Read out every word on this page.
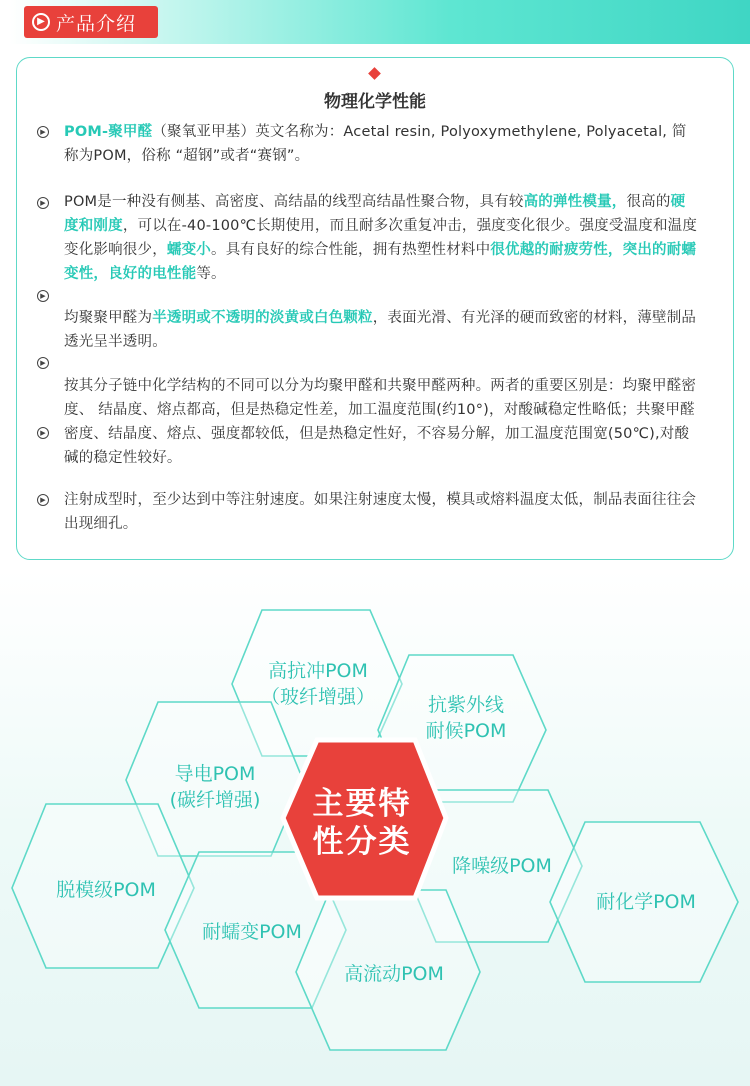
▶ 产品介绍
物理化学性能
▶
▶
▶
▶
▶
▶
POM-聚甲醛（聚氧亚甲基）英文名称为：Acetal resin, Polyoxymethylene, Polyacetal, 简称为POM，俗称 “超钢”或者“赛钢”。
POM是一种没有侧基、高密度、高结晶的线型高结晶性聚合物，具有较高的弹性模量，很高的硬度和刚度，可以在-40-100℃长期使用，而且耐多次重复冲击，强度变化很少。强度受温度和温度变化影响很少，蠕变小。具有良好的综合性能，拥有热塑性材料中很优越的耐疲劳性，突出的耐蠕变性，良好的电性能等。
均聚聚甲醛为半透明或不透明的淡黄或白色颗粒，表面光滑、有光泽的硬而致密的材料，薄壁制品透光呈半透明。
按其分子链中化学结构的不同可以分为均聚甲醛和共聚甲醛两种。两者的重要区别是：均聚甲醛密度、 结晶度、熔点都高，但是热稳定性差，加工温度范围(约10°)，对酸碱稳定性略低；共聚甲醛密度、结晶度、熔点、强度都较低，但是热稳定性好，不容易分解，加工温度范围宽(50℃),对酸碱的稳定性较好。
注射成型时，至少达到中等注射速度。如果注射速度太慢，模具或熔料温度太低，制品表面往往会出现细孔。
高抗冲POM
（玻纤增强）	抗紫外线
耐候POM
导电POM
(碳纤增强) 主要特
性分类
降噪级POM
脱模级POM
耐化学POM
耐蠕变POM
高流动POM
